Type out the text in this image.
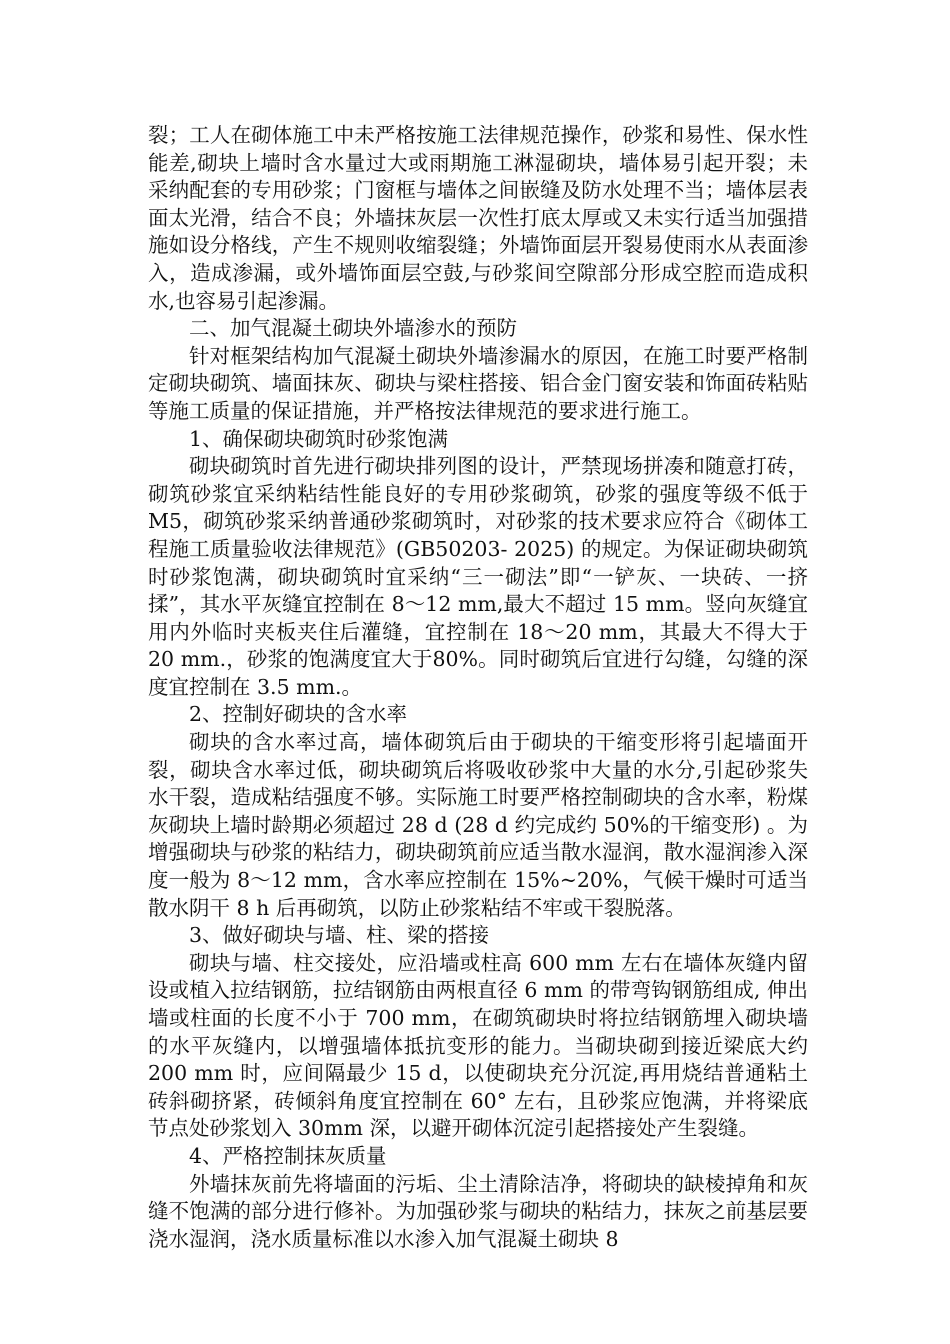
裂；工人在砌体施工中未严格按施工法律规范操作，砂浆和易性、保水性能差,砌块上墙时含水量过大或雨期施工淋湿砌块，墙体易引起开裂；未采纳配套的专用砂浆；门窗框与墙体之间嵌缝及防水处理不当；墙体层表面太光滑，结合不良；外墙抹灰层一次性打底太厚或又未实行适当加强措施如设分格线，产生不规则收缩裂缝；外墙饰面层开裂易使雨水从表面渗入，造成渗漏，或外墙饰面层空鼓,与砂浆间空隙部分形成空腔而造成积水,也容易引起渗漏。

二、加气混凝土砌块外墙渗水的预防

针对框架结构加气混凝土砌块外墙渗漏水的原因，在施工时要严格制定砌块砌筑、墙面抹灰、砌块与梁柱搭接、铝合金门窗安装和饰面砖粘贴等施工质量的保证措施，并严格按法律规范的要求进行施工。

1、确保砌块砌筑时砂浆饱满

砌块砌筑时首先进行砌块排列图的设计，严禁现场拼凑和随意打砖，砌筑砂浆宜采纳粘结性能良好的专用砂浆砌筑，砂浆的强度等级不低于M5，砌筑砂浆采纳普通砂浆砌筑时，对砂浆的技术要求应符合《砌体工程施工质量验收法律规范》(GB50203- 2025) 的规定。为保证砌块砌筑时砂浆饱满，砌块砌筑时宜采纳“三一砌法”即“一铲灰、一块砖、一挤揉”，其水平灰缝宜控制在 8～12 mm,最大不超过 15 mm。竖向灰缝宜用内外临时夹板夹住后灌缝，宜控制在 18～20 mm，其最大不得大于 20 mm.，砂浆的饱满度宜大于80%。同时砌筑后宜进行勾缝，勾缝的深度宜控制在 3.5 mm.。

2、控制好砌块的含水率

砌块的含水率过高，墙体砌筑后由于砌块的干缩变形将引起墙面开裂，砌块含水率过低，砌块砌筑后将吸收砂浆中大量的水分,引起砂浆失水干裂，造成粘结强度不够。实际施工时要严格控制砌块的含水率，粉煤灰砌块上墙时龄期必须超过 28 d (28 d 约完成约 50%的干缩变形) 。为增强砌块与砂浆的粘结力，砌块砌筑前应适当散水湿润，散水湿润渗入深度一般为 8～12 mm，含水率应控制在 15%~20%，气候干燥时可适当散水阴干 8 h 后再砌筑，以防止砂浆粘结不牢或干裂脱落。

3、做好砌块与墙、柱、梁的搭接

砌块与墙、柱交接处，应沿墙或柱高 600 mm 左右在墙体灰缝内留设或植入拉结钢筋，拉结钢筋由两根直径 6 mm 的带弯钩钢筋组成, 伸出墙或柱面的长度不小于 700 mm，在砌筑砌块时将拉结钢筋埋入砌块墙的水平灰缝内，以增强墙体抵抗变形的能力。当砌块砌到接近梁底大约 200 mm 时，应间隔最少 15 d，以使砌块充分沉淀,再用烧结普通粘土砖斜砌挤紧，砖倾斜角度宜控制在 60° 左右，且砂浆应饱满，并将梁底节点处砂浆划入 30mm 深，以避开砌体沉淀引起搭接处产生裂缝。

4、严格控制抹灰质量

外墙抹灰前先将墙面的污垢、尘土清除洁净，将砌块的缺棱掉角和灰缝不饱满的部分进行修补。为加强砂浆与砌块的粘结力，抹灰之前基层要浇水湿润，浇水质量标准以水渗入加气混凝土砌块 8
